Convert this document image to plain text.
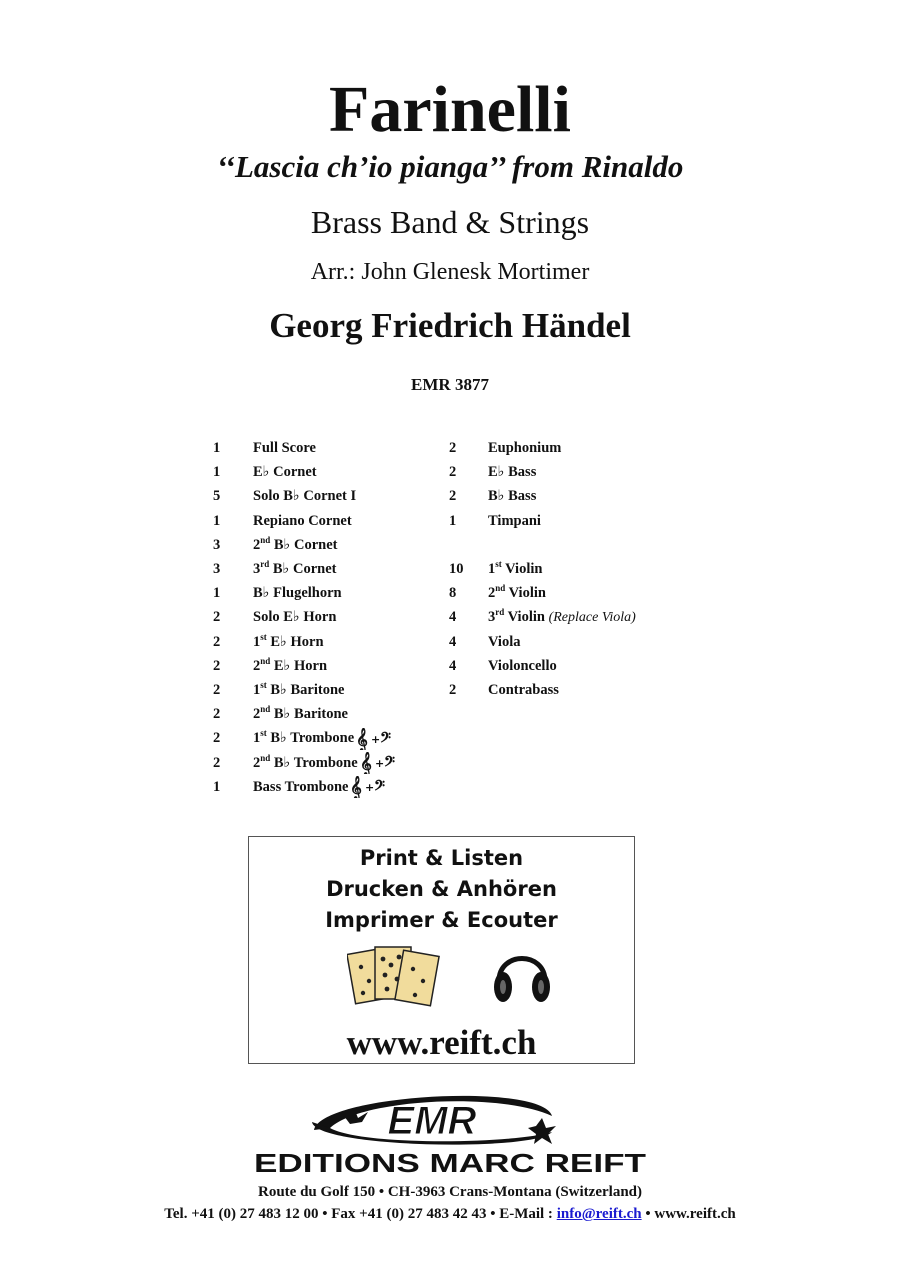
Farinelli
‘‘Lascia ch’io pianga’’ from Rinaldo
Brass Band & Strings
Arr.: John Glenesk Mortimer
Georg Friedrich Händel
EMR 3877
1	Full Score
1	E♭ Cornet
5	Solo B♭ Cornet I
1	Repiano Cornet
3	2nd B♭ Cornet
3	3rd B♭ Cornet
1	B♭ Flugelhorn
2	Solo E♭ Horn
2	1st E♭ Horn
2	2nd E♭ Horn
2	1st B♭ Baritone
2	2nd B♭ Baritone
2	1st B♭ Trombone 𝄞 + 𝄢
2	2nd B♭ Trombone 𝄞 + 𝄢
1	Bass Trombone 𝄞 + 𝄢
2	Euphonium
2	E♭ Bass
2	B♭ Bass
1	Timpani
10	1st Violin
8	2nd Violin
4	3rd Violin (Replace Viola)
4	Viola
4	Violoncello
2	Contrabass
Print & Listen
Drucken & Anhören
Imprimer & Ecouter
www.reift.ch
EMR
EDITIONS MARC REIFT
Route du Golf 150 • CH-3963 Crans-Montana (Switzerland)
Tel. +41 (0) 27 483 12 00 • Fax +41 (0) 27 483 42 43 • E-Mail : info@reift.ch • www.reift.ch
